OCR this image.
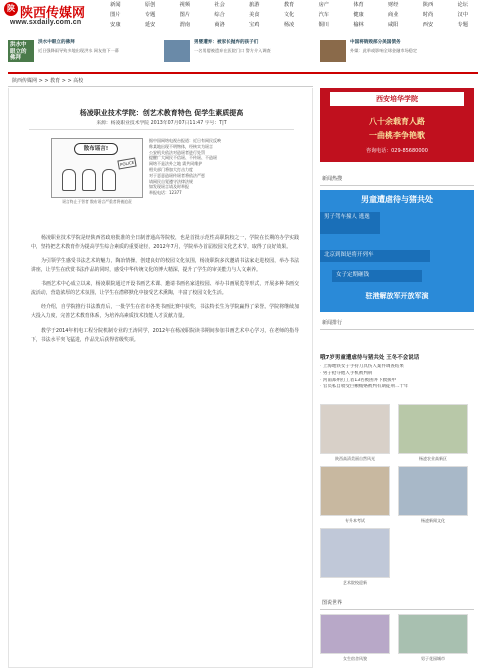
陕 陕西传媒网
www.sxdaily.com.cn
新闻	原创	视频	社会	旅游	教育	房产	体育	财经	陕西	论坛
图片	专题	图片	综合	美食	文化	汽车	健康	商业	时尚	汉中
安康	延安	渭南	商洛	宝鸡	杨凌	铜川	榆林	咸阳	西安	专题
洪水中 眼立的 佛拜
洪水中眼立的佛拜
近日强降雨导致多地出现洪水 网友拍下一幕
男婴遭弃：被家长抛弃的孩子们
一名男婴被遗弃在医院门口 警方介入调查
中国将销毁部分美国债务
外媒：此举或影响全球金融市场稳定
陕西传媒网 > > 教育 > > 高校
杨凌职业技术学院：创艺术教育特色 促学生素质提高
来源：杨凌职业技术学院 2013年07月07日11:47 字号：T|T
散布谣言!
POLICE
谣言终止于智者 散布谣言严重者将被追责

据中国网络电视台报道：近日有网民反映

称某地出现不明物体，经核实为谣言

公安机关依法对造谣者进行处罚

提醒广大网民不信谣、不传谣、不造谣

网络不是法外之地 需共同维护

相关部门将加大打击力度

对于恶意造谣传谣者将依法严惩

请网民自觉遵守法律法规

如发现谣言请及时举报

举报电话：12377

杨凌职业技术学院是经陕西省政府批准的全日制普通高等院校，也是首批示范性高职院校之一，学院在长期的办学实践中，坚持把艺术教育作为提高学生综合素质的重要途径，2012年7月，学院举办首届校园文化艺术节，取得了良好效果。

为引领学生感受书法艺术的魅力，陶冶情操，创建良好的校园文化氛围，杨凌职院多次邀请书法家走进校园，举办书法讲座，让学生在欣赏书法作品的同时，感受中华传统文化的博大精深，提升了学生的审美能力与人文素养。

书画艺术中心成立以来，杨凌职院通过开设书画艺术课、邀请书画名家进校园、举办书画展览等形式，开展多种书画交流活动，营造浓厚的艺术氛围，让学生在潜移默化中接受艺术熏陶，丰富了校园文化生活。

经介绍，自学院推行书法教育后，一批学生在省市各类书画比赛中获奖，书法特长生为学院赢得了荣誉。学院将继续加大投入力度，完善艺术教育体系，为培养高素质技术技能人才贡献力量。

教学于2014年机电工程分院机制专业的王涛同学，2012年在杨凌职院读书期间参加书画艺术中心学习，在老师的指导下，书法水平突飞猛进，作品先后获得省级奖项。

西安培华学院
八十余载育人路
一曲桃李争艳歌
咨询电话：029-85680000
新闻热搜
男童遭虐待与猪共处
男子驾车撞人 逃逸
北京到图是将开列车
女子定期砸钱
驻港解放军开放军演
新闻排行
哦7岁男童遭虐待与猪共处 王冬不会说话
· 上海地铁女子手持刀具伤人案件调查结果
· 男子抢夺他人手机被判刑
· 河南郑州打工者13名被困井下救援中
· 官员私自收受巨额贿赂被判有期徒刑二十年
陕西高清美丽自然风光	杨凌农业高新区
专升本考试	杨凌新闻文化
艺术院校迎新
图说世界
女生宿舍风貌	男子花园城市
